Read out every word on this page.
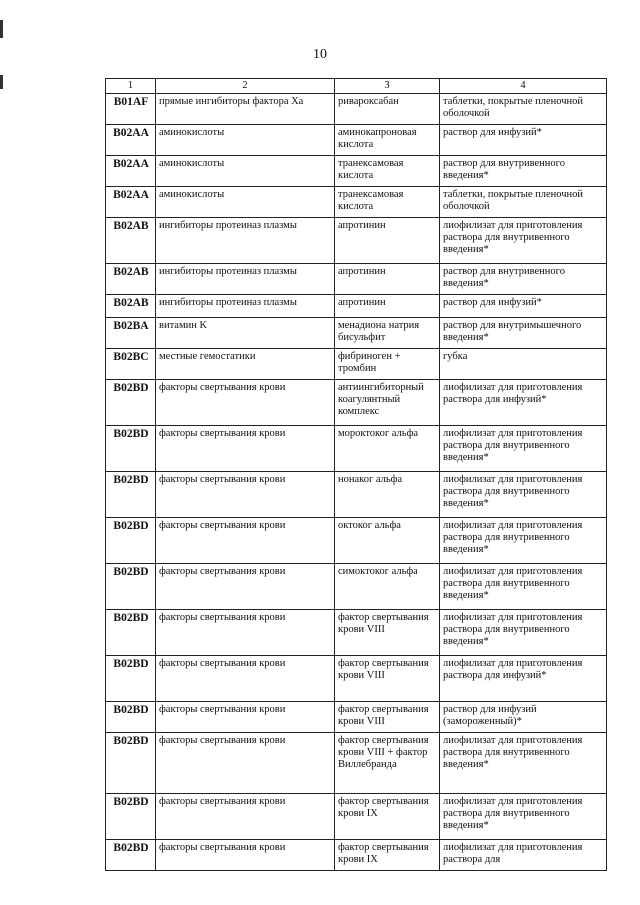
10
1	2	3	4
B01AF	прямые ингибиторы фактора Xa	ривароксабан	таблетки, покрытые пленочной оболочкой
B02AA	аминокислоты	аминокапроновая кислота	раствор для инфузий*
B02AA	аминокислоты	транексамовая кислота	раствор для внутривенного введения*
B02AA	аминокислоты	транексамовая кислота	таблетки, покрытые пленочной оболочкой
B02AB	ингибиторы протеиназ плазмы	апротинин	лиофилизат для приготовления раствора для внутривенного введения*
B02AB	ингибиторы протеиназ плазмы	апротинин	раствор для внутривенного введения*
B02AB	ингибиторы протеиназ плазмы	апротинин	раствор для инфузий*
B02BA	витамин K	менадиона натрия бисульфит	раствор для внутримышечного введения*
B02BC	местные гемостатики	фибриноген + тромбин	губка
B02BD	факторы свертывания крови	антиингибиторный коагулянтный комплекс	лиофилизат для приготовления раствора для инфузий*
B02BD	факторы свертывания крови	мороктоког альфа	лиофилизат для приготовления раствора для внутривенного введения*
B02BD	факторы свертывания крови	нонаког альфа	лиофилизат для приготовления раствора для внутривенного введения*
B02BD	факторы свертывания крови	октоког альфа	лиофилизат для приготовления раствора для внутривенного введения*
B02BD	факторы свертывания крови	симоктоког альфа	лиофилизат для приготовления раствора для внутривенного введения*
B02BD	факторы свертывания крови	фактор свертывания крови VIII	лиофилизат для приготовления раствора для внутривенного введения*
B02BD	факторы свертывания крови	фактор свертывания крови VIII	лиофилизат для приготовления раствора для инфузий*
B02BD	факторы свертывания крови	фактор свертывания крови VIII	раствор для инфузий (замороженный)*
B02BD	факторы свертывания крови	фактор свертывания крови VIII + фактор Виллебранда	лиофилизат для приготовления раствора для внутривенного введения*
B02BD	факторы свертывания крови	фактор свертывания крови IX	лиофилизат для приготовления раствора для внутривенного введения*
B02BD	факторы свертывания крови	фактор свертывания крови IX	лиофилизат для приготовления раствора для
